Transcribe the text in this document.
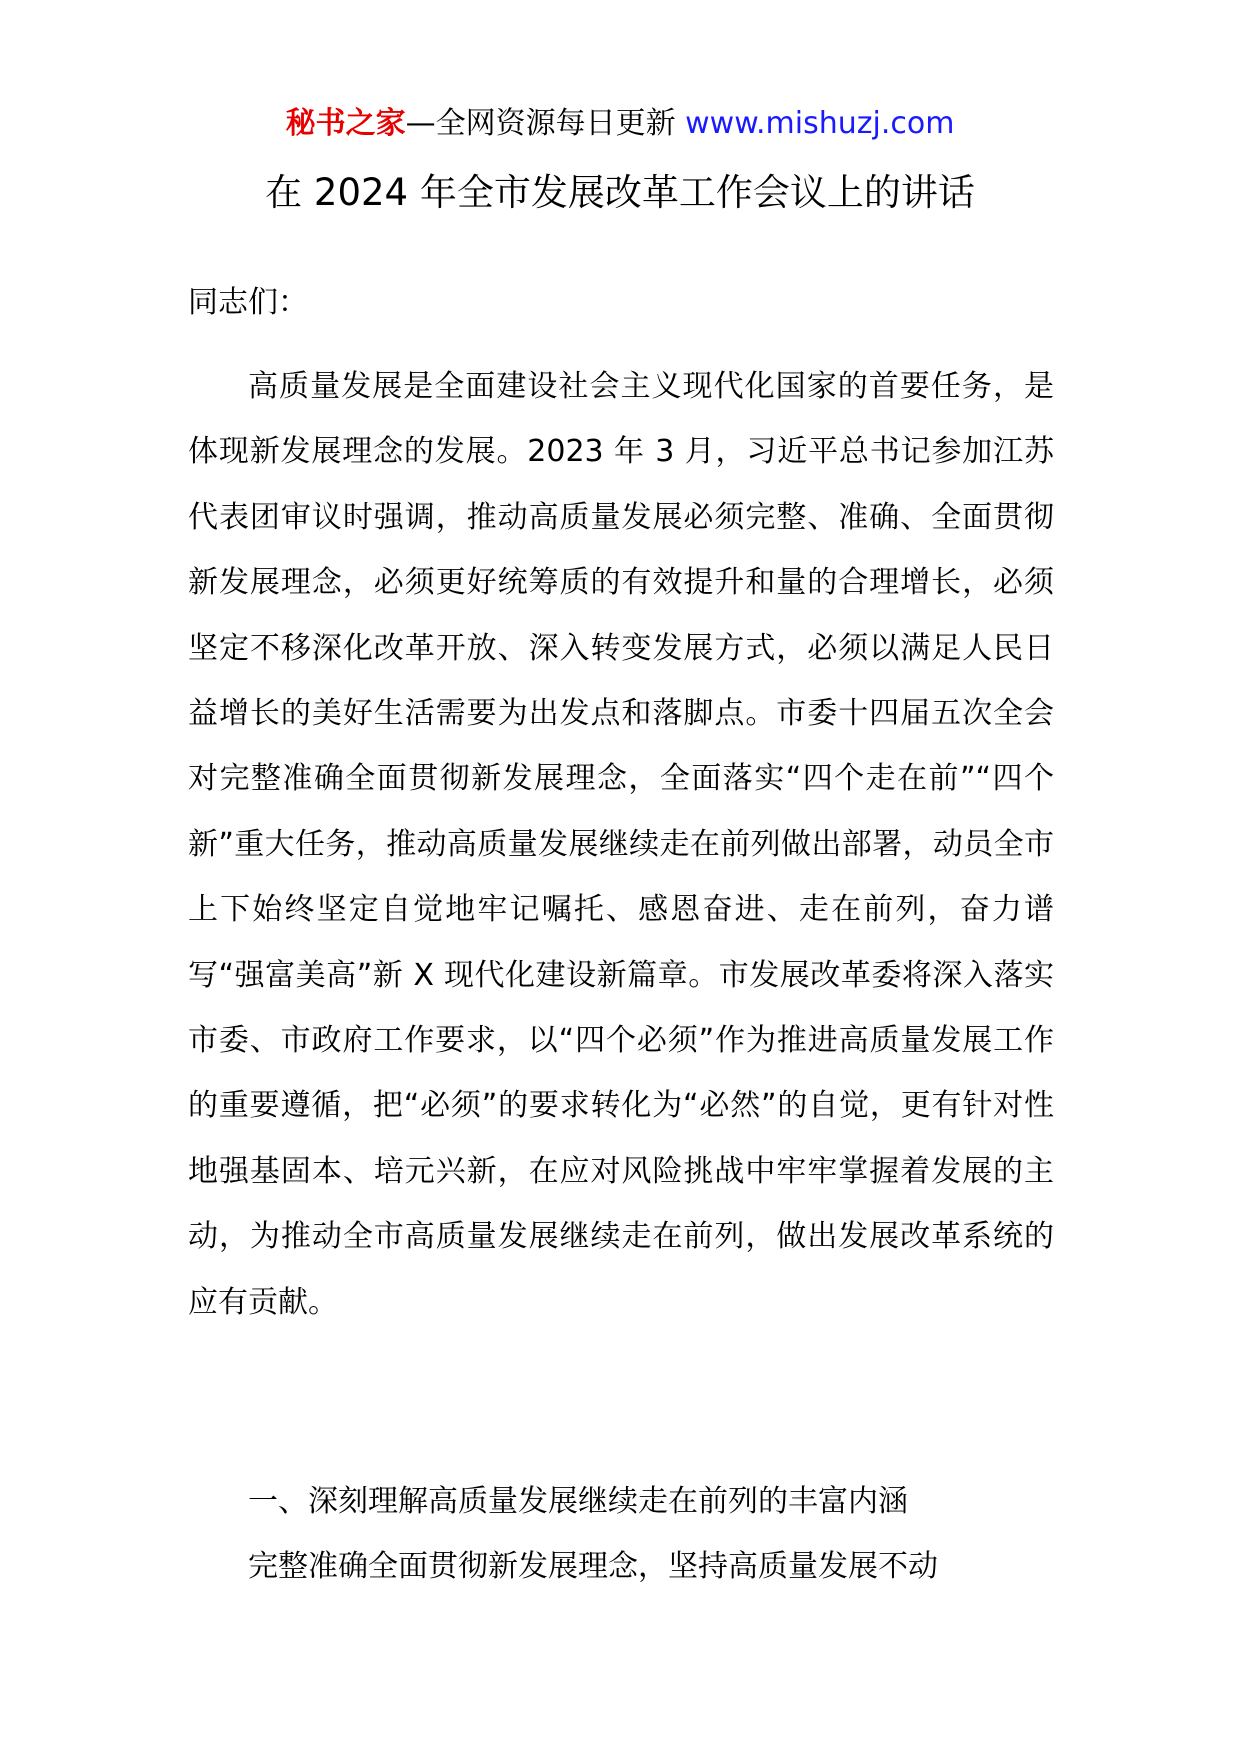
秘书之家—全网资源每日更新 www.mishuzj.com
在 2024 年全市发展改革工作会议上的讲话
同志们：

高质量发展是全面建设社会主义现代化国家的首要任务，是体现新发展理念的发展。2023 年 3 月，习近平总书记参加江苏代表团审议时强调，推动高质量发展必须完整、准确、全面贯彻新发展理念，必须更好统筹质的有效提升和量的合理增长，必须坚定不移深化改革开放、深入转变发展方式，必须以满足人民日益增长的美好生活需要为出发点和落脚点。市委十四届五次全会对完整准确全面贯彻新发展理念，全面落实“四个走在前”“四个新”重大任务，推动高质量发展继续走在前列做出部署，动员全市上下始终坚定自觉地牢记嘱托、感恩奋进、走在前列，奋力谱写“强富美高”新 X 现代化建设新篇章。市发展改革委将深入落实市委、市政府工作要求，以“四个必须”作为推进高质量发展工作的重要遵循，把“必须”的要求转化为“必然”的自觉，更有针对性地强基固本、培元兴新，在应对风险挑战中牢牢掌握着发展的主动，为推动全市高质量发展继续走在前列，做出发展改革系统的应有贡献。

一、深刻理解高质量发展继续走在前列的丰富内涵

完整准确全面贯彻新发展理念，坚持高质量发展不动
